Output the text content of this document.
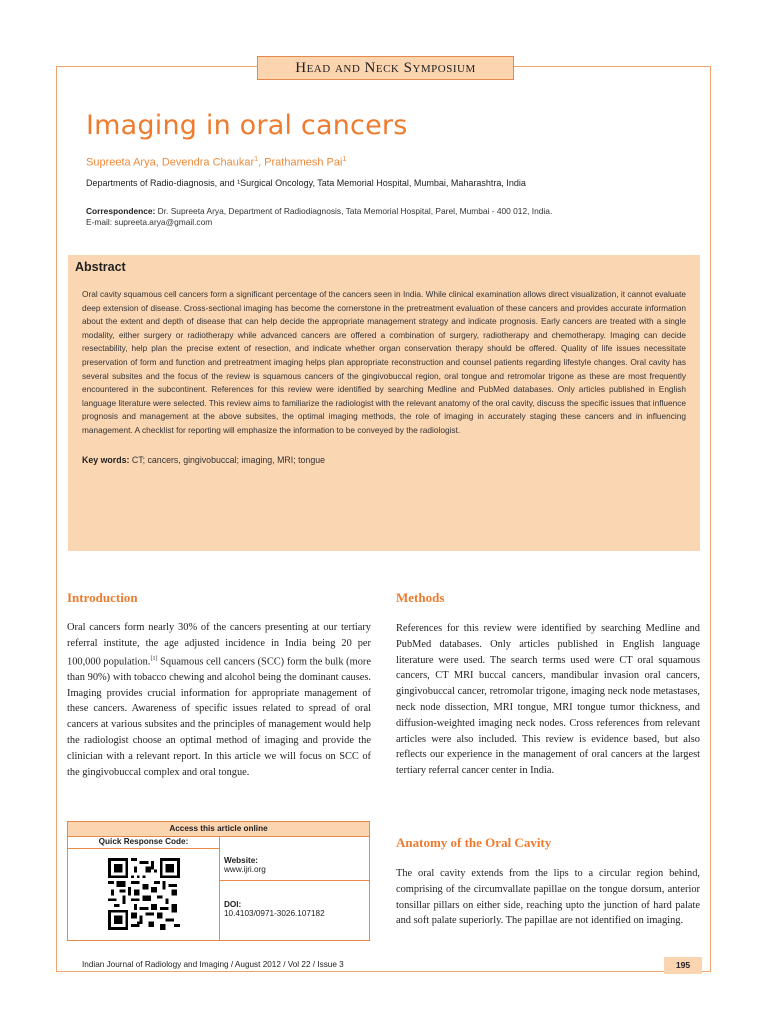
Head and Neck Symposium
Imaging in oral cancers
Supreeta Arya, Devendra Chaukar$^1$, Prathamesh Pai$^1$
Departments of Radio-diagnosis, and ¹Surgical Oncology, Tata Memorial Hospital, Mumbai, Maharashtra, India
Correspondence: Dr. Supreeta Arya, Department of Radiodiagnosis, Tata Memorial Hospital, Parel, Mumbai - 400 012, India.
E-mail: supreeta.arya@gmail.com
Abstract

Oral cavity squamous cell cancers form a significant percentage of the cancers seen in India. While clinical examination allows direct visualization, it cannot evaluate deep extension of disease. Cross-sectional imaging has become the cornerstone in the pretreatment evaluation of these cancers and provides accurate information about the extent and depth of disease that can help decide the appropriate management strategy and indicate prognosis. Early cancers are treated with a single modality, either surgery or radiotherapy while advanced cancers are offered a combination of surgery, radiotherapy and chemotherapy. Imaging can decide resectability, help plan the precise extent of resection, and indicate whether organ conservation therapy should be offered. Quality of life issues necessitate preservation of form and function and pretreatment imaging helps plan appropriate reconstruction and counsel patients regarding lifestyle changes. Oral cavity has several subsites and the focus of the review is squamous cancers of the gingivobuccal region, oral tongue and retromolar trigone as these are most frequently encountered in the subcontinent. References for this review were identified by searching Medline and PubMed databases. Only articles published in English language literature were selected. This review aims to familiarize the radiologist with the relevant anatomy of the oral cavity, discuss the specific issues that influence prognosis and management at the above subsites, the optimal imaging methods, the role of imaging in accurately staging these cancers and in influencing management. A checklist for reporting will emphasize the information to be conveyed by the radiologist.

Key words: CT; cancers, gingivobuccal; imaging, MRI; tongue
Introduction

Oral cancers form nearly 30% of the cancers presenting at our tertiary referral institute, the age adjusted incidence in India being 20 per 100,000 population.[1] Squamous cell cancers (SCC) form the bulk (more than 90%) with tobacco chewing and alcohol being the dominant causes. Imaging provides crucial information for appropriate management of these cancers. Awareness of specific issues related to spread of oral cancers at various subsites and the principles of management would help the radiologist choose an optimal method of imaging and provide the clinician with a relevant report. In this article we will focus on SCC of the gingivobuccal complex and oral tongue.

Access this article online
Quick Response Code:
Website:
www.ijri.org
DOI:
10.4103/0971-3026.107182
Methods

References for this review were identified by searching Medline and PubMed databases. Only articles published in English language literature were used. The search terms used were CT oral squamous cancers, CT MRI buccal cancers, mandibular invasion oral cancers, gingivobuccal cancer, retromolar trigone, imaging neck node metastases, neck node dissection, MRI tongue, MRI tongue tumor thickness, and diffusion-weighted imaging neck nodes. Cross references from relevant articles were also included. This review is evidence based, but also reflects our experience in the management of oral cancers at the largest tertiary referral cancer center in India.

Anatomy of the Oral Cavity

The oral cavity extends from the lips to a circular region behind, comprising of the circumvallate papillae on the tongue dorsum, anterior tonsillar pillars on either side, reaching upto the junction of hard palate and soft palate superiorly. The papillae are not identified on imaging.

Indian Journal of Radiology and Imaging / August 2012 / Vol 22 / Issue 3	195
